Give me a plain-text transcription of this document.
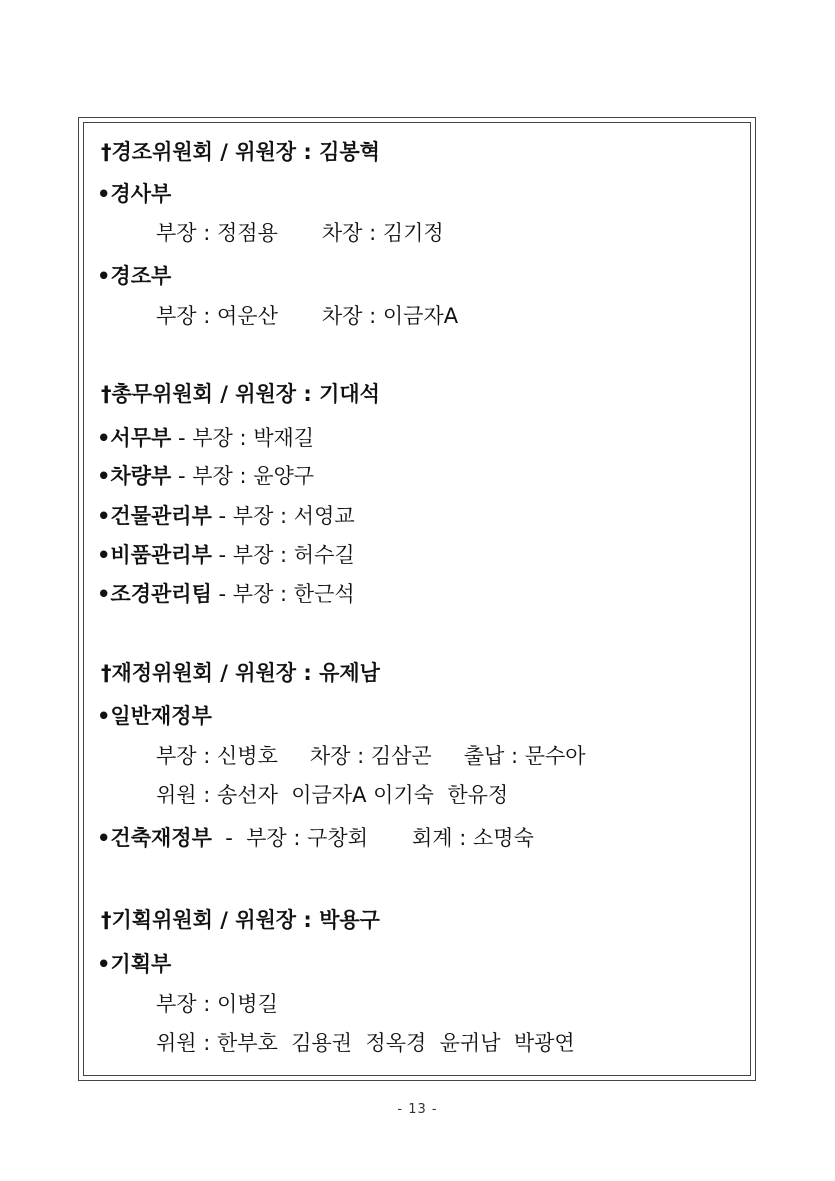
†경조위원회 / 위원장 : 김봉혁
•경사부
부장 : 정점용 차장 : 김기정
•경조부
부장 : 여운산 차장 : 이금자A
†총무위원회 / 위원장 : 기대석
•서무부 - 부장 : 박재길
•차량부 - 부장 : 윤양구
•건물관리부 - 부장 : 서영교
•비품관리부 - 부장 : 허수길
•조경관리팀 - 부장 : 한근석
†재정위원회 / 위원장 : 유제남
•일반재정부
부장 : 신병호 차장 : 김삼곤 출납 : 문수아
위원 : 송선자  이금자A 이기숙  한유정
•건축재정부  -  부장 : 구창회 회계 : 소명숙
†기획위원회 / 위원장 : 박용구
•기획부
부장 : 이병길
위원 : 한부호  김용권  정옥경  윤귀남  박광연
- 13 -
